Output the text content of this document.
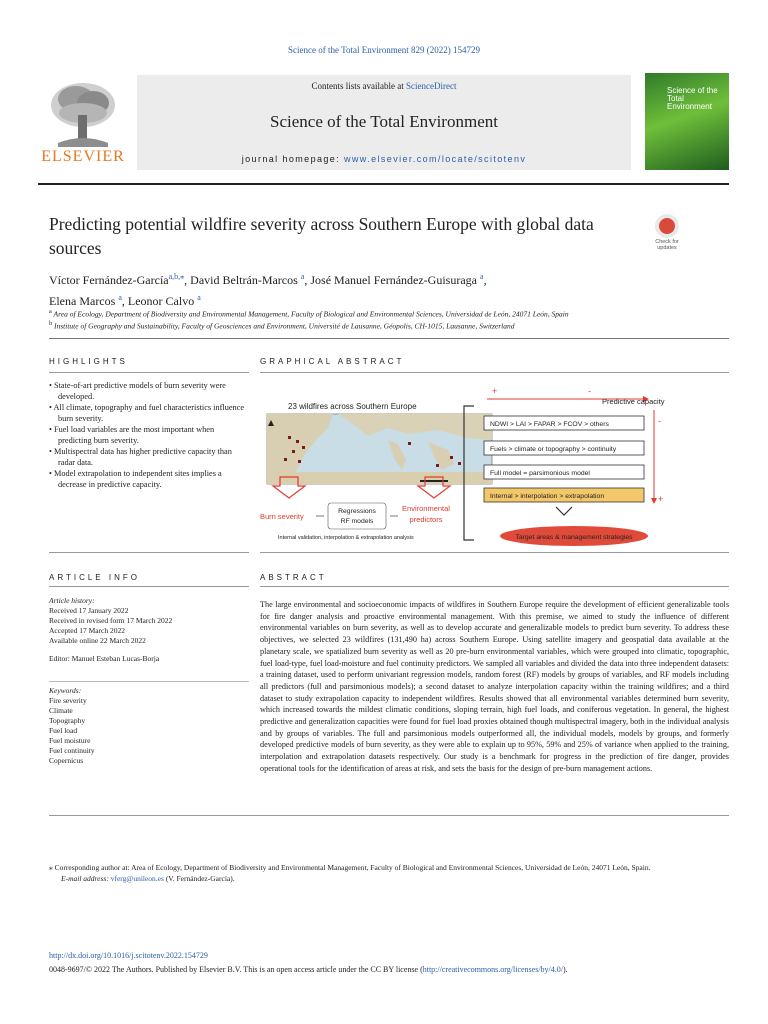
Science of the Total Environment 829 (2022) 154729
Contents lists available at ScienceDirect
Science of the Total Environment
journal homepage: www.elsevier.com/locate/scitotenv
ELSEVIER
Science of the Total Environment
Predicting potential wildfire severity across Southern Europe with global data sources	Check for updates
Víctor Fernández-García$^{a,b,⁎}$, David Beltrán-Marcos $^a$, José Manuel Fernández-Guisuraga $^a$,
Elena Marcos $^a$, Leonor Calvo $^a$
$^a$ Area of Ecology, Department of Biodiversity and Environmental Management, Faculty of Biological and Environmental Sciences, Universidad de León, 24071 León, Spain
$^b$ Institute of Geography and Sustainability, Faculty of Geosciences and Environment, Université de Lausanne, Géopolis, CH-1015, Lausanne, Switzerland
HIGHLIGHTS
• State-of-art predictive models of burn severity were developed.
• All climate, topography and fuel characteristics influence burn severity.
• Fuel load variables are the most important when predicting burn severity.
• Multispectral data has higher predictive capacity than radar data.
• Model extrapolation to independent sites implies a decrease in predictive capacity.
GRAPHICAL ABSTRACT
23 wildfires across Southern Europe
Burn severity
Regressions
RF models
Environmental
predictors
Internal validation, interpolation & extrapolation analysis
+	-
Predictive capacity
-
+
NDWI > LAI > FAPAR > FCOV > others
Fuels > climate or topography > continuity
Full model = parsimonious model
Internal > interpolation > extrapolation
Target areas & management strategies
ARTICLE INFO
Article history:
Received 17 January 2022
Received in revised form 17 March 2022
Accepted 17 March 2022
Available online 22 March 2022
Editor: Manuel Esteban Lucas-Borja
Keywords:
Fire severity
Climate
Topography
Fuel load
Fuel moisture
Fuel continuity
Copernicus
ABSTRACT
The large environmental and socioeconomic impacts of wildfires in Southern Europe require the development of efficient generalizable tools for fire danger analysis and proactive environmental management. With this premise, we aimed to study the influence of different environmental variables on burn severity, as well as to develop accurate and generalizable models to predict burn severity. To address these objectives, we selected 23 wildfires (131,490 ha) across Southern Europe. Using satellite imagery and geospatial data available at the planetary scale, we spatialized burn severity as well as 20 pre-burn environmental variables, which were grouped into climatic, topographic, fuel load-type, fuel load-moisture and fuel continuity predictors. We sampled all variables and divided the data into three independent datasets: a training dataset, used to perform univariant regression models, random forest (RF) models by groups of variables, and RF models including all predictors (full and parsimonious models); a second dataset to analyze interpolation capacity within the training wildfires; and a third dataset to study extrapolation capacity to independent wildfires. Results showed that all environmental variables determined burn severity, which increased towards the mildest climatic conditions, sloping terrain, high fuel loads, and coniferous vegetation. In general, the highest predictive and generalization capacities were found for fuel load proxies obtained though multispectral imagery, both in the individual analysis and by groups of variables. The full and parsimonious models outperformed all, the individual models, models by groups, and formerly developed predictive models of burn severity, as they were able to explain up to 95%, 59% and 25% of variance when applied to the training, interpolation and extrapolation datasets respectively. Our study is a benchmark for progress in the prediction of fire danger, provides operational tools for the identification of areas at risk, and sets the basis for the design of pre-burn management actions.
⁎ Corresponding author at: Area of Ecology, Department of Biodiversity and Environmental Management, Faculty of Biological and Environmental Sciences, Universidad de León, 24071 León, Spain.
E-mail address: vferg@unileon.es (V. Fernández-García).
http://dx.doi.org/10.1016/j.scitotenv.2022.154729
0048-9697/© 2022 The Authors. Published by Elsevier B.V. This is an open access article under the CC BY license (http://creativecommons.org/licenses/by/4.0/).
